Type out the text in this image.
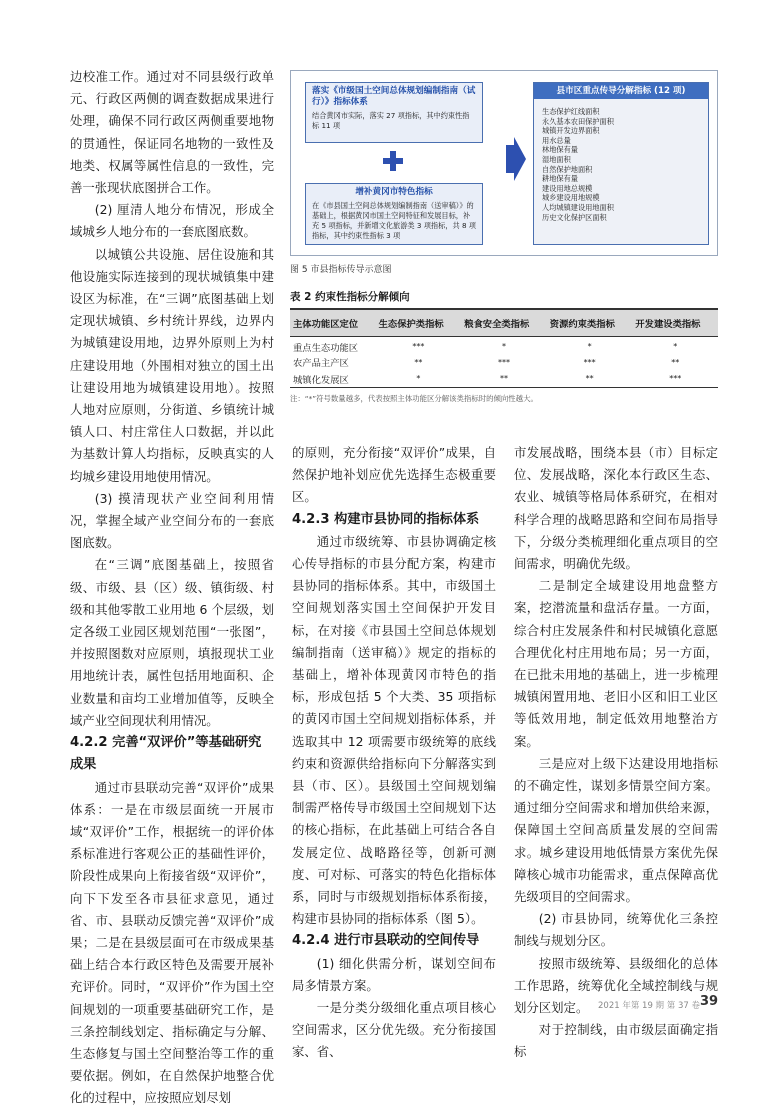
边校准工作。通过对不同县级行政单元、行政区两侧的调查数据成果进行处理，确保不同行政区两侧重要地物的贯通性，保证同名地物的一致性及地类、权属等属性信息的一致性，完善一张现状底图拼合工作。

(2) 厘清人地分布情况，形成全域城乡人地分布的一套底图底数。

以城镇公共设施、居住设施和其他设施实际连接到的现状城镇集中建设区为标准，在“三调”底图基础上划定现状城镇、乡村统计界线，边界内为城镇建设用地，边界外原则上为村庄建设用地（外围相对独立的国土出让建设用地为城镇建设用地）。按照人地对应原则，分街道、乡镇统计城镇人口、村庄常住人口数据，并以此为基数计算人均指标，反映真实的人均城乡建设用地使用情况。

(3) 摸清现状产业空间利用情况，掌握全域产业空间分布的一套底图底数。

在“三调”底图基础上，按照省级、市级、县（区）级、镇街级、村级和其他零散工业用地 6 个层级，划定各级工业园区规划范围“一张图”，并按照图数对应原则，填报现状工业用地统计表，属性包括用地面积、企业数量和亩均工业增加值等，反映全域产业空间现状利用情况。

4.2.2 完善“双评价”等基础研究成果

通过市县联动完善“双评价”成果体系：一是在市级层面统一开展市域“双评价”工作，根据统一的评价体系标准进行客观公正的基础性评价，阶段性成果向上衔接省级“双评价”，向下下发至各市县征求意见，通过省、市、县联动反馈完善“双评价”成果；二是在县级层面可在市级成果基础上结合本行政区特色及需要开展补充评价。同时，“双评价”作为国土空间规划的一项重要基础研究工作，是三条控制线划定、指标确定与分解、生态修复与国土空间整治等工作的重要依据。例如，在自然保护地整合优化的过程中，应按照应划尽划

落实《市级国土空间总体规划编制指南（试行）》指标体系
结合黄冈市实际，落实 27 项指标，其中约束性指标 11 项
增补黄冈市特色指标
在《市县国土空间总体规划编制指南（送审稿）》的基础上，根据黄冈市国土空间特征和发展目标，补充 5 项指标，并新增文化旅游类 3 项指标，共 8 项指标，其中约束性指标 3 项
县市区重点传导分解指标 (12 项)
生态保护红线面积
永久基本农田保护面积
城镇开发边界面积
用水总量
林地保有量
湿地面积
自然保护地面积
耕地保有量
建设用地总规模
城乡建设用地规模
人均城镇建设用地面积
历史文化保护区面积
图 5 市县指标传导示意图
表 2 约束性指标分解倾向
主体功能区定位	生态保护类指标	粮食安全类指标	资源约束类指标	开发建设类指标
重点生态功能区	***	*	*	*
农产品主产区	**	***	***	**
城镇化发展区	*	**	**	***
注：“*”符号数量越多，代表按照主体功能区分解该类指标时的倾向性越大。

的原则，充分衔接“双评价”成果，自然保护地补划应优先选择生态极重要区。

4.2.3 构建市县协同的指标体系

通过市级统筹、市县协调确定核心传导指标的市县分配方案，构建市县协同的指标体系。其中，市级国土空间规划落实国土空间保护开发目标，在对接《市县国土空间总体规划编制指南（送审稿）》规定的指标的基础上，增补体现黄冈市特色的指标，形成包括 5 个大类、35 项指标的黄冈市国土空间规划指标体系，并选取其中 12 项需要市级统筹的底线约束和资源供给指标向下分解落实到县（市、区）。县级国土空间规划编制需严格传导市级国土空间规划下达的核心指标，在此基础上可结合各自发展定位、战略路径等，创新可测度、可对标、可落实的特色化指标体系，同时与市级规划指标体系衔接，构建市县协同的指标体系（图 5）。

4.2.4 进行市县联动的空间传导

(1) 细化供需分析，谋划空间布局多情景方案。

一是分类分级细化重点项目核心空间需求，区分优先级。充分衔接国家、省、

市发展战略，围绕本县（市）目标定位、发展战略，深化本行政区生态、农业、城镇等格局体系研究，在相对科学合理的战略思路和空间布局指导下，分级分类梳理细化重点项目的空间需求，明确优先级。

二是制定全域建设用地盘整方案，挖潜流量和盘活存量。一方面，综合村庄发展条件和村民城镇化意愿合理优化村庄用地布局；另一方面，在已批未用地的基础上，进一步梳理城镇闲置用地、老旧小区和旧工业区等低效用地，制定低效用地整治方案。

三是应对上级下达建设用地指标的不确定性，谋划多情景空间方案。通过细分空间需求和增加供给来源，保障国土空间高质量发展的空间需求。城乡建设用地低情景方案优先保障核心城市功能需求，重点保障高优先级项目的空间需求。

(2) 市县协同，统筹优化三条控制线与规划分区。

按照市级统筹、县级细化的总体工作思路，统筹优化全域控制线与规划分区划定。

对于控制线，由市级层面确定指标

2021 年第 19 期 第 37 卷 39
